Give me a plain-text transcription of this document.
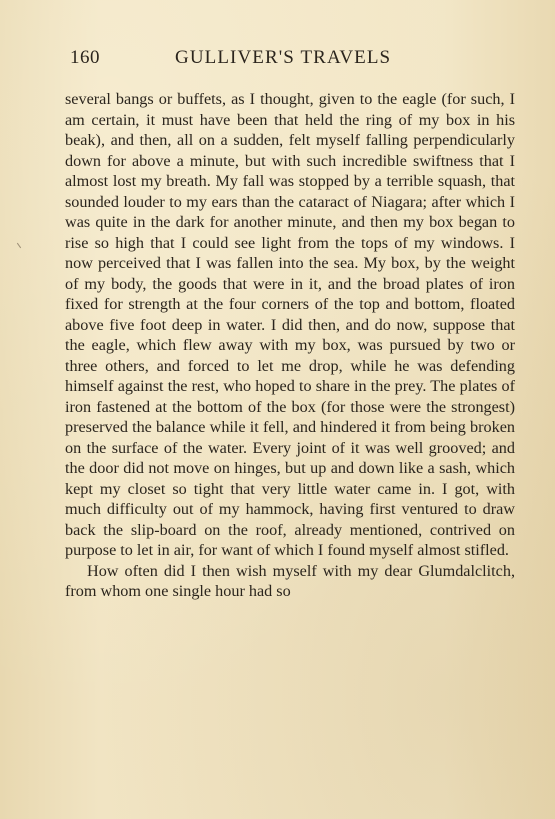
160	GULLIVER'S TRAVELS

several bangs or buffets, as I thought, given to the eagle (for such, I am certain, it must have been that held the ring of my box in his beak), and then, all on a sudden, felt myself falling perpendicularly down for above a minute, but with such incredible swiftness that I almost lost my breath. My fall was stopped by a terrible squash, that sounded louder to my ears than the cataract of Niagara; after which I was quite in the dark for another minute, and then my box began to rise so high that I could see light from the tops of my windows. I now perceived that I was fallen into the sea. My box, by the weight of my body, the goods that were in it, and the broad plates of iron fixed for strength at the four corners of the top and bottom, floated above five foot deep in water. I did then, and do now, suppose that the eagle, which flew away with my box, was pursued by two or three others, and forced to let me drop, while he was defending himself against the rest, who hoped to share in the prey. The plates of iron fastened at the bottom of the box (for those were the strongest) preserved the balance while it fell, and hindered it from being broken on the surface of the water. Every joint of it was well grooved; and the door did not move on hinges, but up and down like a sash, which kept my closet so tight that very little water came in. I got, with much difficulty out of my hammock, having first ventured to draw back the slip-board on the roof, already mentioned, contrived on purpose to let in air, for want of which I found myself almost stifled.

How often did I then wish myself with my dear Glumdalclitch, from whom one single hour had so
